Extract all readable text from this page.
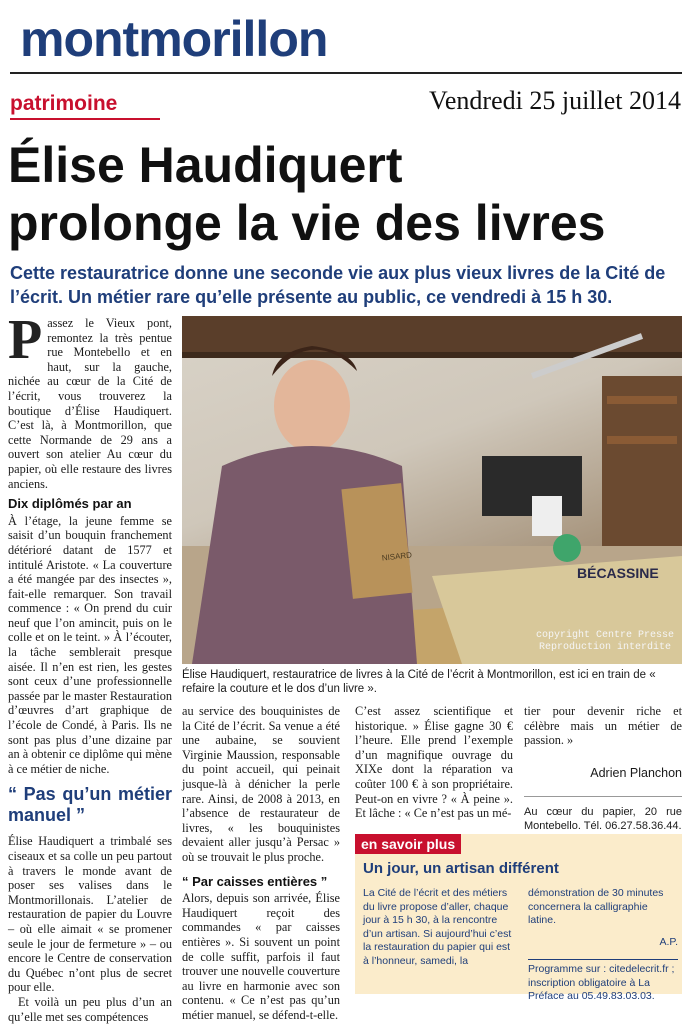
montmorillon
patrimoine	Vendredi 25 juillet 2014
Élise Haudiquert
prolonge la vie des livres
Cette restauratrice donne une seconde vie aux plus vieux livres de la Cité de l’écrit. Un métier rare qu’elle présente au public, ce vendredi à 15 h 30.

Passez le Vieux pont, remontez la très pentue rue Montebello et en haut, sur la gauche, nichée au cœur de la Cité de l’écrit, vous trouverez la boutique d’Élise Haudiquert. C’est là, à Montmorillon, que cette Normande de 29 ans a ouvert son atelier Au cœur du papier, où elle restaure des livres anciens.

Dix diplômés par an

À l’étage, la jeune femme se saisit d’un bouquin franchement détérioré datant de 1577 et intitulé Aristote. « La couverture a été mangée par des insectes », fait-elle remarquer. Son travail commence : « On prend du cuir neuf que l’on amincit, puis on le colle et on le teint. » À l’écouter, la tâche semblerait presque aisée. Il n’en est rien, les gestes sont ceux d’une professionnelle passée par le master Restauration d’œuvres d’art graphique de l’école de Condé, à Paris. Ils ne sont pas plus d’une dizaine par an à obtenir ce diplôme qui mène à ce métier de niche.

“ Pas qu’un métier manuel ”

Élise Haudiquert a trimbalé ses ciseaux et sa colle un peu partout à travers le monde avant de poser ses valises dans le Montmorillonais. L’atelier de restauration de papier du Louvre – où elle aimait « se promener seule le jour de fermeture » – ou encore le Centre de conservation du Québec n’ont plus de secret pour elle.

Et voilà un peu plus d’un an qu’elle met ses compétences

NISARD
BÉCASSINE
copyright Centre Presse
Reproduction interdite
Élise Haudiquert, restauratrice de livres à la Cité de l’écrit à Montmorillon, est ici en train de « refaire la couture et le dos d’un livre ».

au service des bouquinistes de la Cité de l’écrit. Sa venue a été une aubaine, se souvient Virginie Maussion, responsable du point accueil, qui peinait jusque-là à dénicher la perle rare. Ainsi, de 2008 à 2013, en l’absence de restaurateur de livres, « les bouquinistes devaient aller jusqu’à Persac » où se trouvait le plus proche.

“ Par caisses entières ”

Alors, depuis son arrivée, Élise Haudiquert reçoit des commandes « par caisses entières ». Si souvent un point de colle suffit, parfois il faut trouver une nouvelle couverture au livre en harmonie avec son contenu. « Ce n’est pas qu’un métier manuel, se défend-t-elle.

C’est assez scientifique et historique. » Élise gagne 30 € l’heure. Elle prend l’exemple d’un magnifique ouvrage du XIXe dont la réparation va coûter 100 € à son propriétaire. Peut-on en vivre ? « À peine ». Et lâche : « Ce n’est pas un mé-

tier pour devenir riche et célèbre mais un métier de passion. »

Adrien Planchon
Au cœur du papier, 20 rue Montebello. Tél. 06.27.58.36.44.
en savoir plus
Un jour, un artisan différent
La Cité de l’écrit et des métiers du livre propose d’aller, chaque jour à 15 h 30, à la rencontre d’un artisan. Si aujourd’hui c’est la restauration du papier qui est à l’honneur, samedi, la
démonstration de 30 minutes concernera la calligraphie latine.
A.P.
Programme sur : citedelecrit.fr ; inscription obligatoire à La Préface au 05.49.83.03.03.
